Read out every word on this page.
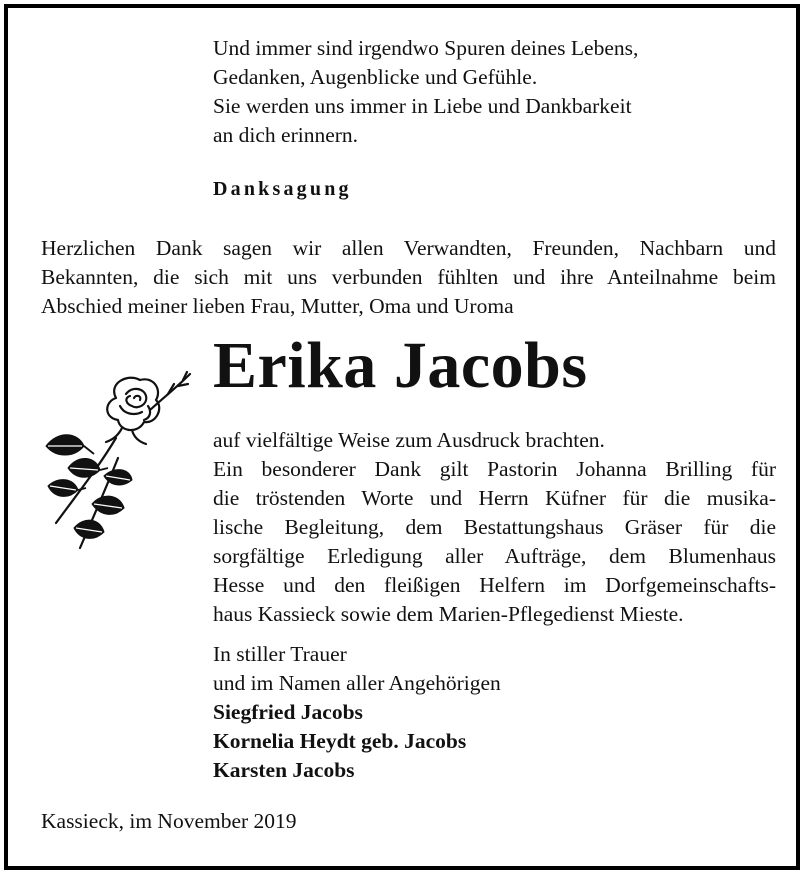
Und immer sind irgendwo Spuren deines Lebens,
Gedanken, Augenblicke und Gefühle.
Sie werden uns immer in Liebe und Dankbarkeit
an dich erinnern.
Danksagung
Herzlichen Dank sagen wir allen Verwandten, Freunden, Nachbarn und
Bekannten, die sich mit uns verbunden fühlten und ihre Anteilnahme beim
Abschied meiner lieben Frau, Mutter, Oma und Uroma
Erika Jacobs
auf vielfältige Weise zum Ausdruck brachten.
Ein besonderer Dank gilt Pastorin Johanna Brilling für
die tröstenden Worte und Herrn Küfner für die musika-
lische Begleitung, dem Bestattungshaus Gräser für die
sorgfältige Erledigung aller Aufträge, dem Blumenhaus
Hesse und den fleißigen Helfern im Dorfgemeinschafts-
haus Kassieck sowie dem Marien-Pflegedienst Mieste.
In stiller Trauer
und im Namen aller Angehörigen
Siegfried Jacobs
Kornelia Heydt geb. Jacobs
Karsten Jacobs
Kassieck, im November 2019
